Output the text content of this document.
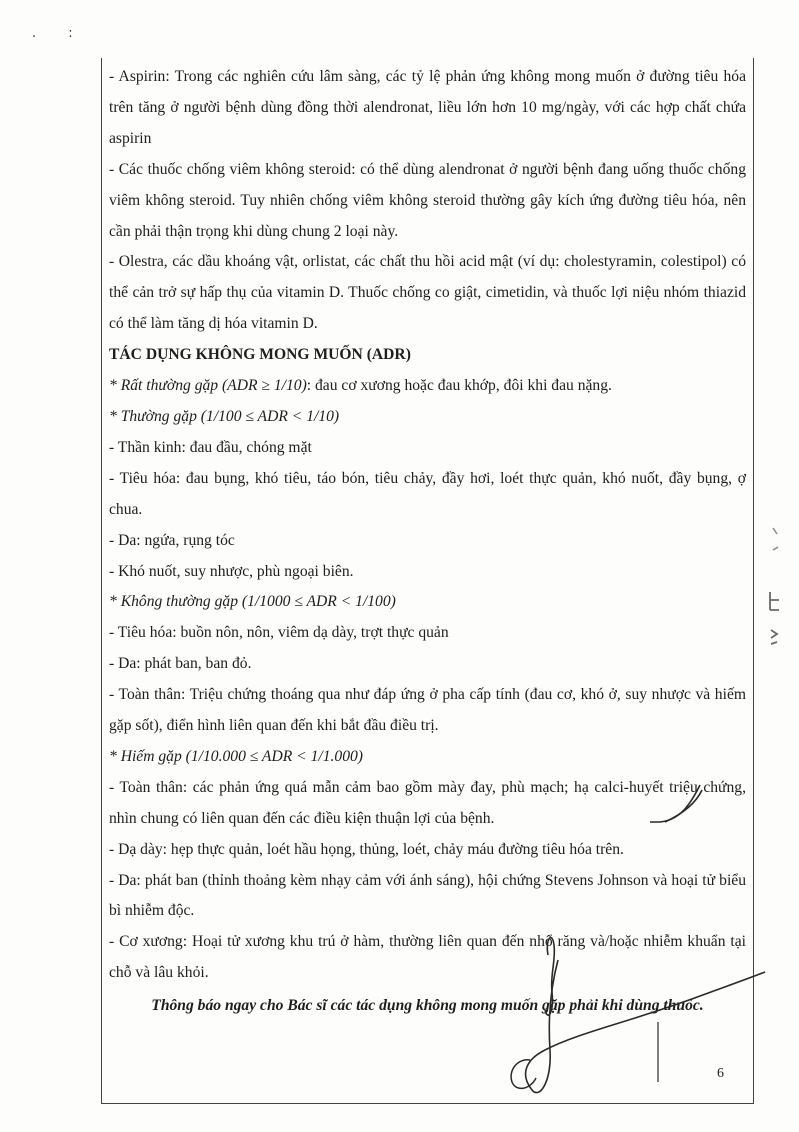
. :

- Aspirin: Trong các nghiên cứu lâm sàng, các tỷ lệ phản ứng không mong muốn ở đường tiêu hóa trên tăng ở người bệnh dùng đồng thời alendronat, liều lớn hơn 10 mg/ngày, với các hợp chất chứa aspirin

- Các thuốc chống viêm không steroid: có thể dùng alendronat ở người bệnh đang uống thuốc chống viêm không steroid. Tuy nhiên chống viêm không steroid thường gây kích ứng đường tiêu hóa, nên cần phải thận trọng khi dùng chung 2 loại này.

- Olestra, các dầu khoáng vật, orlistat, các chất thu hồi acid mật (ví dụ: cholestyramin, colestipol) có thể cản trở sự hấp thụ của vitamin D. Thuốc chống co giật, cimetidin, và thuốc lợi niệu nhóm thiazid có thể làm tăng dị hóa vitamin D.

TÁC DỤNG KHÔNG MONG MUỐN (ADR)

* Rất thường gặp (ADR ≥ 1/10): đau cơ xương hoặc đau khớp, đôi khi đau nặng.

* Thường gặp (1/100 ≤ ADR < 1/10)

- Thần kinh: đau đầu, chóng mặt

- Tiêu hóa: đau bụng, khó tiêu, táo bón, tiêu chảy, đầy hơi, loét thực quản, khó nuốt, đầy bụng, ợ chua.

- Da: ngứa, rụng tóc

- Khó nuốt, suy nhược, phù ngoại biên.

* Không thường gặp (1/1000 ≤ ADR < 1/100)

- Tiêu hóa: buồn nôn, nôn, viêm dạ dày, trợt thực quản

- Da: phát ban, ban đỏ.

- Toàn thân: Triệu chứng thoáng qua như đáp ứng ở pha cấp tính (đau cơ, khó ở, suy nhược và hiếm gặp sốt), điển hình liên quan đến khi bắt đầu điều trị.

* Hiếm gặp (1/10.000 ≤ ADR < 1/1.000)

- Toàn thân: các phản ứng quá mẫn cảm bao gồm mày đay, phù mạch; hạ calci-huyết triệu chứng, nhìn chung có liên quan đến các điều kiện thuận lợi của bệnh.

- Dạ dày: hẹp thực quản, loét hầu họng, thủng, loét, chảy máu đường tiêu hóa trên.

- Da: phát ban (thỉnh thoảng kèm nhạy cảm với ánh sáng), hội chứng Stevens Johnson và hoại tử biểu bì nhiễm độc.

- Cơ xương: Hoại tử xương khu trú ở hàm, thường liên quan đến nhổ răng và/hoặc nhiễm khuẩn tại chỗ và lâu khỏi.

Thông báo ngay cho Bác sĩ các tác dụng không mong muốn gặp phải khi dùng thuốc.

6
